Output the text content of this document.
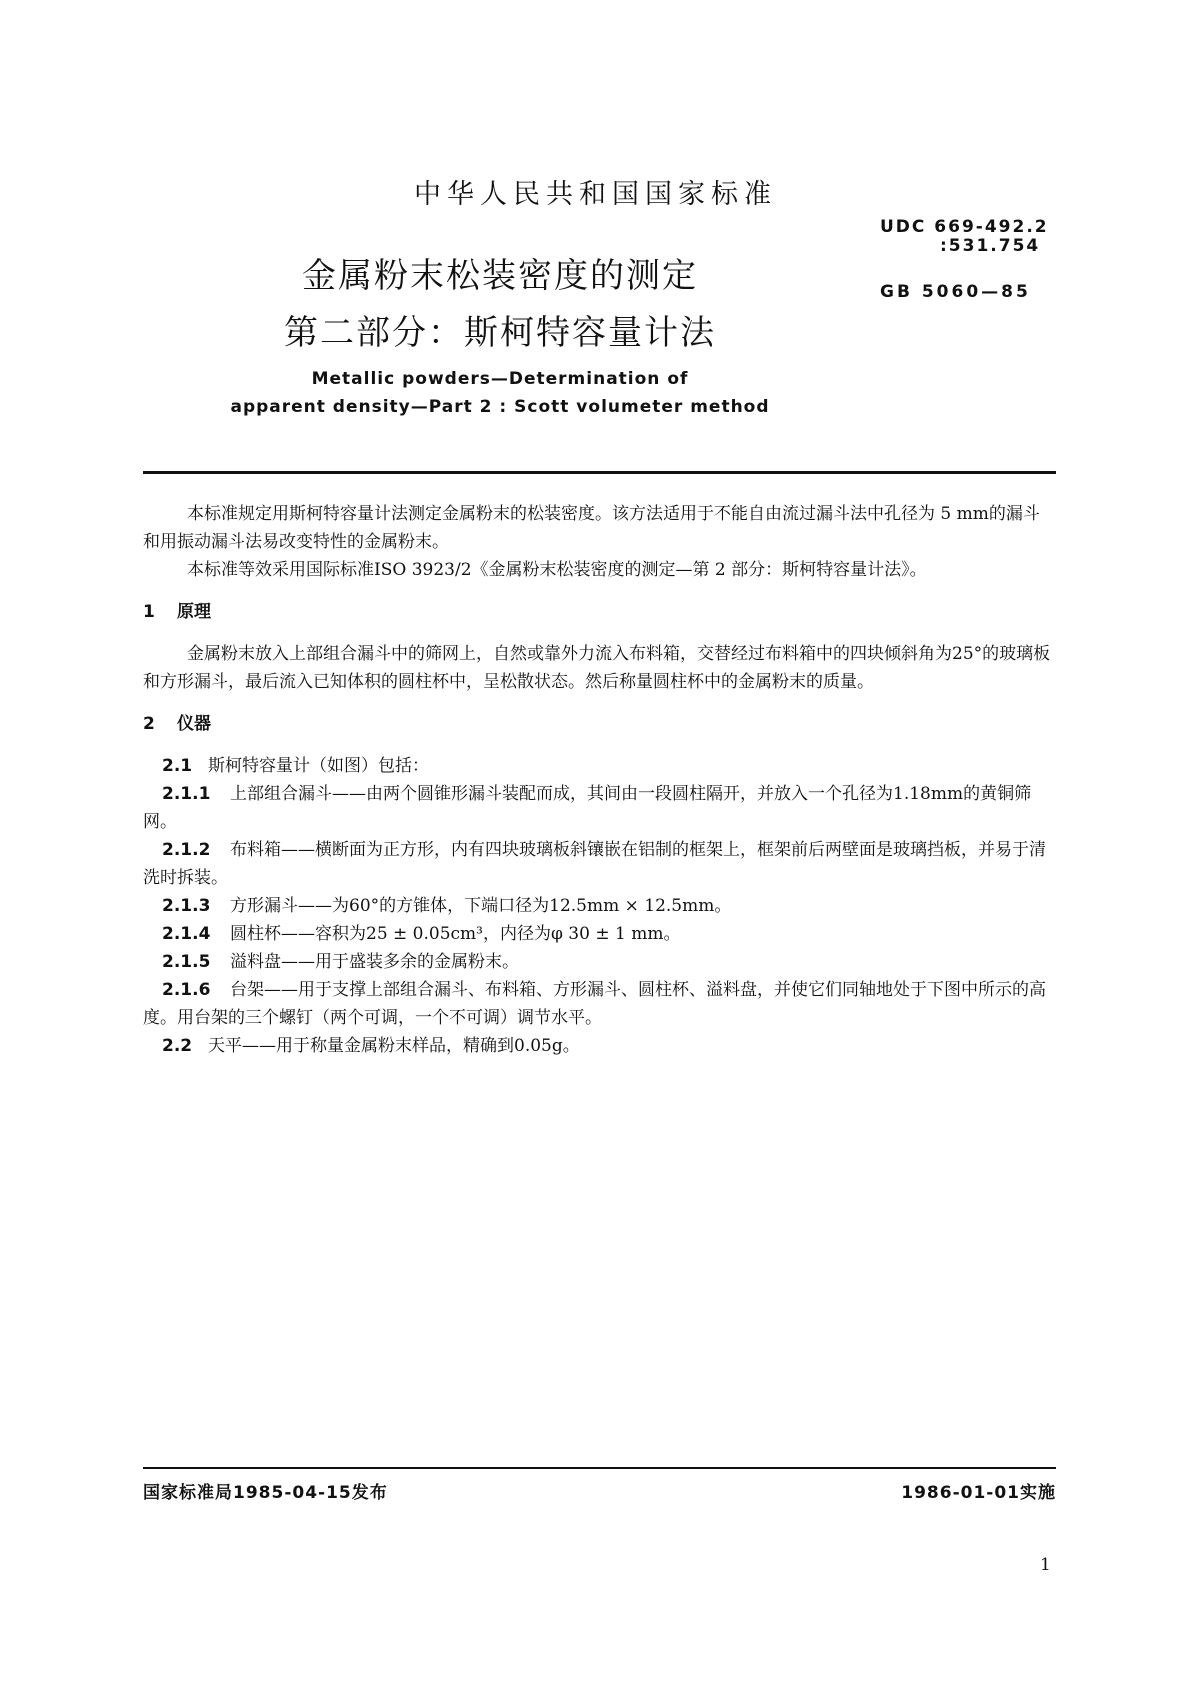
中华人民共和国国家标准
UDC 669-492.2
:531.754
GB 5060—85
金属粉末松装密度的测定
第二部分：斯柯特容量计法
Metallic powders—Determination of
apparent density—Part 2 : Scott volumeter method

本标准规定用斯柯特容量计法测定金属粉末的松装密度。该方法适用于不能自由流过漏斗法中孔径为 5 mm的漏斗和用振动漏斗法易改变特性的金属粉末。

本标准等效采用国际标准ISO 3923/2《金属粉末松装密度的测定—第 2 部分：斯柯特容量计法》。

1 原理

金属粉末放入上部组合漏斗中的筛网上，自然或靠外力流入布料箱，交替经过布料箱中的四块倾斜角为25°的玻璃板和方形漏斗，最后流入已知体积的圆柱杯中，呈松散状态。然后称量圆柱杯中的金属粉末的质量。

2 仪器

2.1 斯柯特容量计（如图）包括：

2.1.1 上部组合漏斗——由两个圆锥形漏斗装配而成，其间由一段圆柱隔开，并放入一个孔径为1.18mm的黄铜筛网。

2.1.2 布料箱——横断面为正方形，内有四块玻璃板斜镶嵌在铝制的框架上，框架前后两壁面是玻璃挡板，并易于清洗时拆装。

2.1.3 方形漏斗——为60°的方锥体，下端口径为12.5mm × 12.5mm。

2.1.4 圆柱杯——容积为25 ± 0.05cm³，内径为φ 30 ± 1 mm。

2.1.5 溢料盘——用于盛装多余的金属粉末。

2.1.6 台架——用于支撑上部组合漏斗、布料箱、方形漏斗、圆柱杯、溢料盘，并使它们同轴地处于下图中所示的高度。用台架的三个螺钉（两个可调，一个不可调）调节水平。

2.2 天平——用于称量金属粉末样品，精确到0.05g。

国家标准局1985-04-15发布	1986-01-01实施
1
